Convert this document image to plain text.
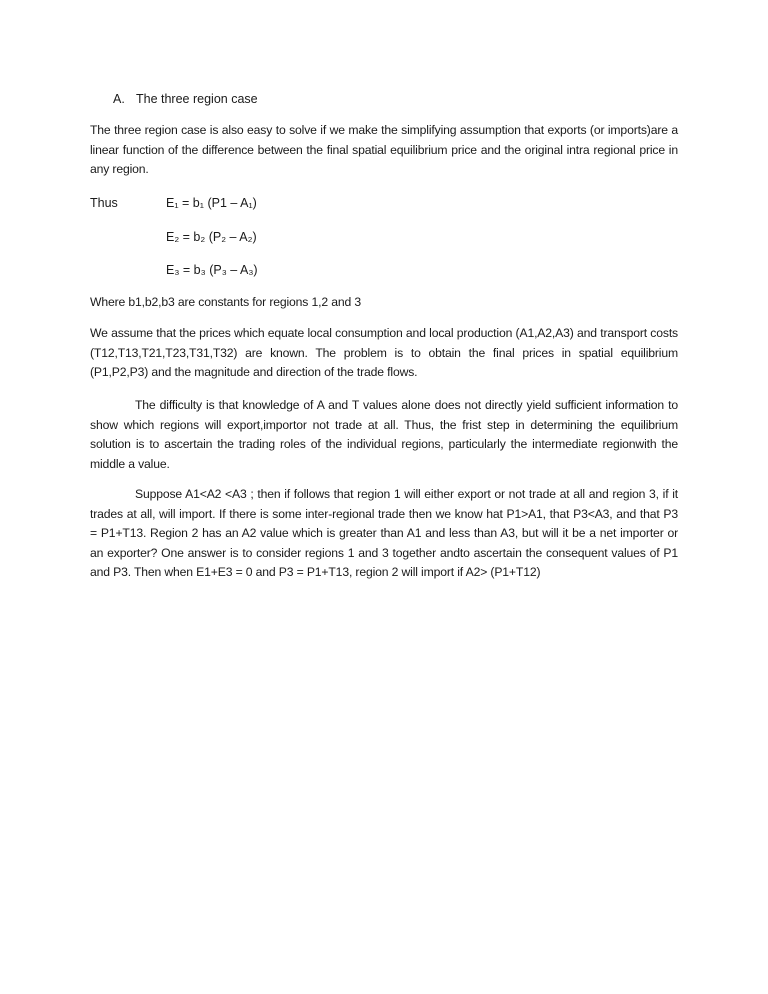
A. The three region case

The three region case is also easy to solve if we make the simplifying assumption that exports (or imports)are a linear function of the difference between the final spatial equilibrium price and the original intra regional price in any region.

Thus	E₁ = b₁ (P1 – A₁)
E₂ = b₂ (P₂ – A₂)
E₃ = b₃ (P₃ – A₃)

Where b1,b2,b3 are constants for regions 1,2 and 3

We assume that the prices which equate local consumption and local production (A1,A2,A3) and transport costs (T12,T13,T21,T23,T31,T32) are known. The problem is to obtain the final prices in spatial equilibrium (P1,P2,P3) and the magnitude and direction of the trade flows.

The difficulty is that knowledge of A and T values alone does not directly yield sufficient information to show which regions will export,importor not trade at all. Thus, the frist step in determining the equilibrium solution is to ascertain the trading roles of the individual regions, particularly the intermediate regionwith the middle a value.

Suppose A1<A2 <A3 ; then if follows that region 1 will either export or not trade at all and region 3, if it trades at all, will import. If there is some inter-regional trade then we know hat P1>A1, that P3<A3, and that P3 = P1+T13. Region 2 has an A2 value which is greater than A1 and less than A3, but will it be a net importer or an exporter? One answer is to consider regions 1 and 3 together andto ascertain the consequent values of P1 and P3. Then when E1+E3 = 0 and P3 = P1+T13, region 2 will import if A2> (P1+T12)
